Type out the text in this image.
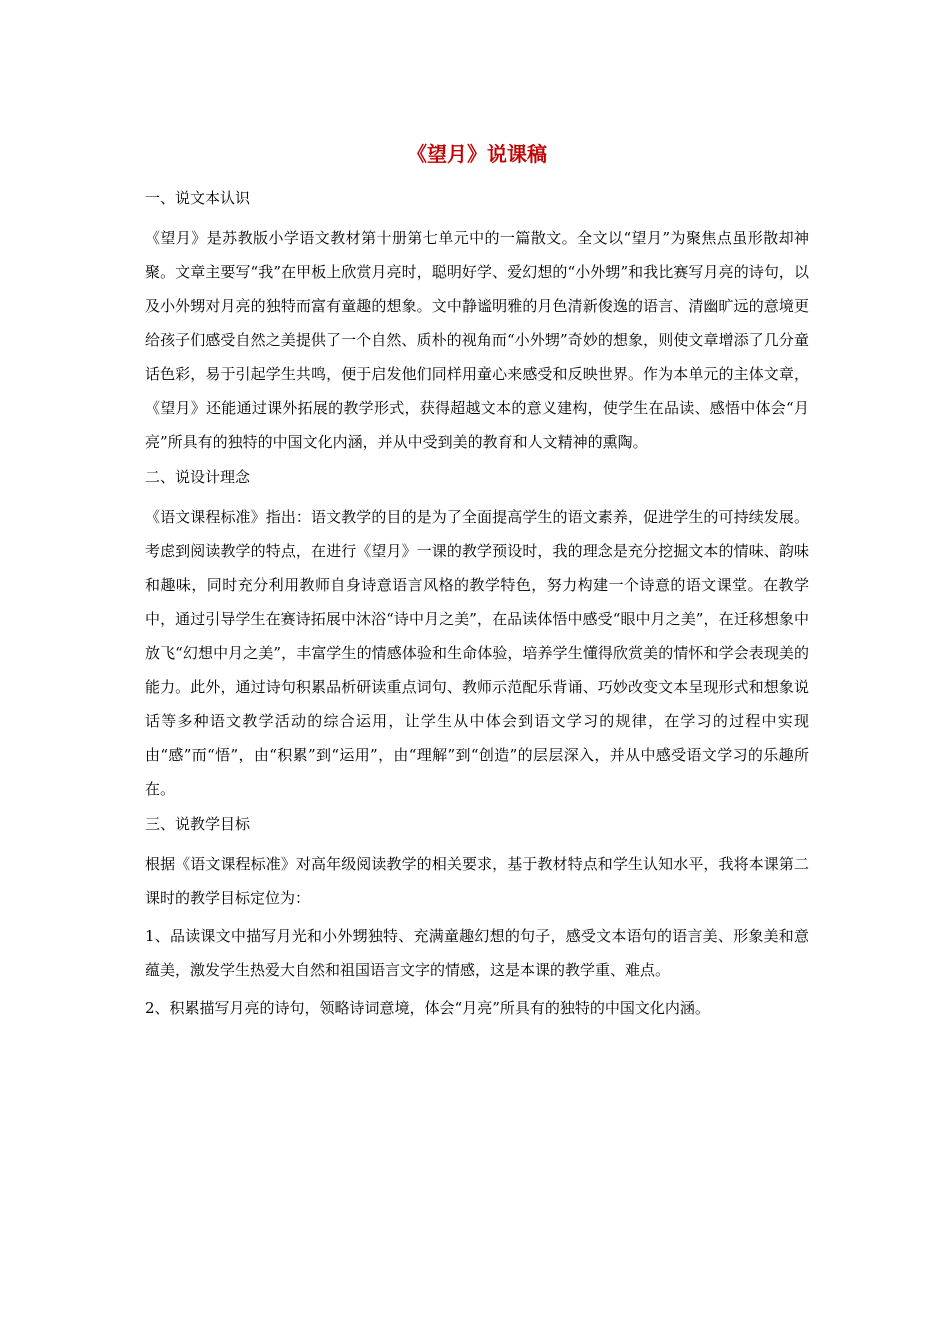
《望月》说课稿
一、说文本认识

《望月》是苏教版小学语文教材第十册第七单元中的一篇散文。全文以“望月”为聚焦点虽形散却神聚。文章主要写“我”在甲板上欣赏月亮时，聪明好学、爱幻想的“小外甥”和我比赛写月亮的诗句，以及小外甥对月亮的独特而富有童趣的想象。文中静谧明雅的月色清新俊逸的语言、清幽旷远的意境更给孩子们感受自然之美提供了一个自然、质朴的视角而“小外甥”奇妙的想象，则使文章增添了几分童话色彩，易于引起学生共鸣，便于启发他们同样用童心来感受和反映世界。作为本单元的主体文章，《望月》还能通过课外拓展的教学形式，获得超越文本的意义建构，使学生在品读、感悟中体会“月亮”所具有的独特的中国文化内涵，并从中受到美的教育和人文精神的熏陶。

二、说设计理念

《语文课程标准》指出：语文教学的目的是为了全面提高学生的语文素养，促进学生的可持续发展。考虑到阅读教学的特点，在进行《望月》一课的教学预设时，我的理念是充分挖掘文本的情味、韵味和趣味，同时充分利用教师自身诗意语言风格的教学特色，努力构建一个诗意的语文课堂。在教学中，通过引导学生在赛诗拓展中沐浴“诗中月之美”，在品读体悟中感受“眼中月之美”，在迁移想象中放飞“幻想中月之美”，丰富学生的情感体验和生命体验，培养学生懂得欣赏美的情怀和学会表现美的能力。此外，通过诗句积累品析研读重点词句、教师示范配乐背诵、巧妙改变文本呈现形式和想象说话等多种语文教学活动的综合运用，让学生从中体会到语文学习的规律，在学习的过程中实现由“感”而“悟”，由“积累”到“运用”，由“理解”到“创造”的层层深入，并从中感受语文学习的乐趣所在。

三、说教学目标

根据《语文课程标准》对高年级阅读教学的相关要求，基于教材特点和学生认知水平，我将本课第二课时的教学目标定位为：

1、品读课文中描写月光和小外甥独特、充满童趣幻想的句子，感受文本语句的语言美、形象美和意蕴美，激发学生热爱大自然和祖国语言文字的情感，这是本课的教学重、难点。

2、积累描写月亮的诗句，领略诗词意境，体会“月亮”所具有的独特的中国文化内涵。
